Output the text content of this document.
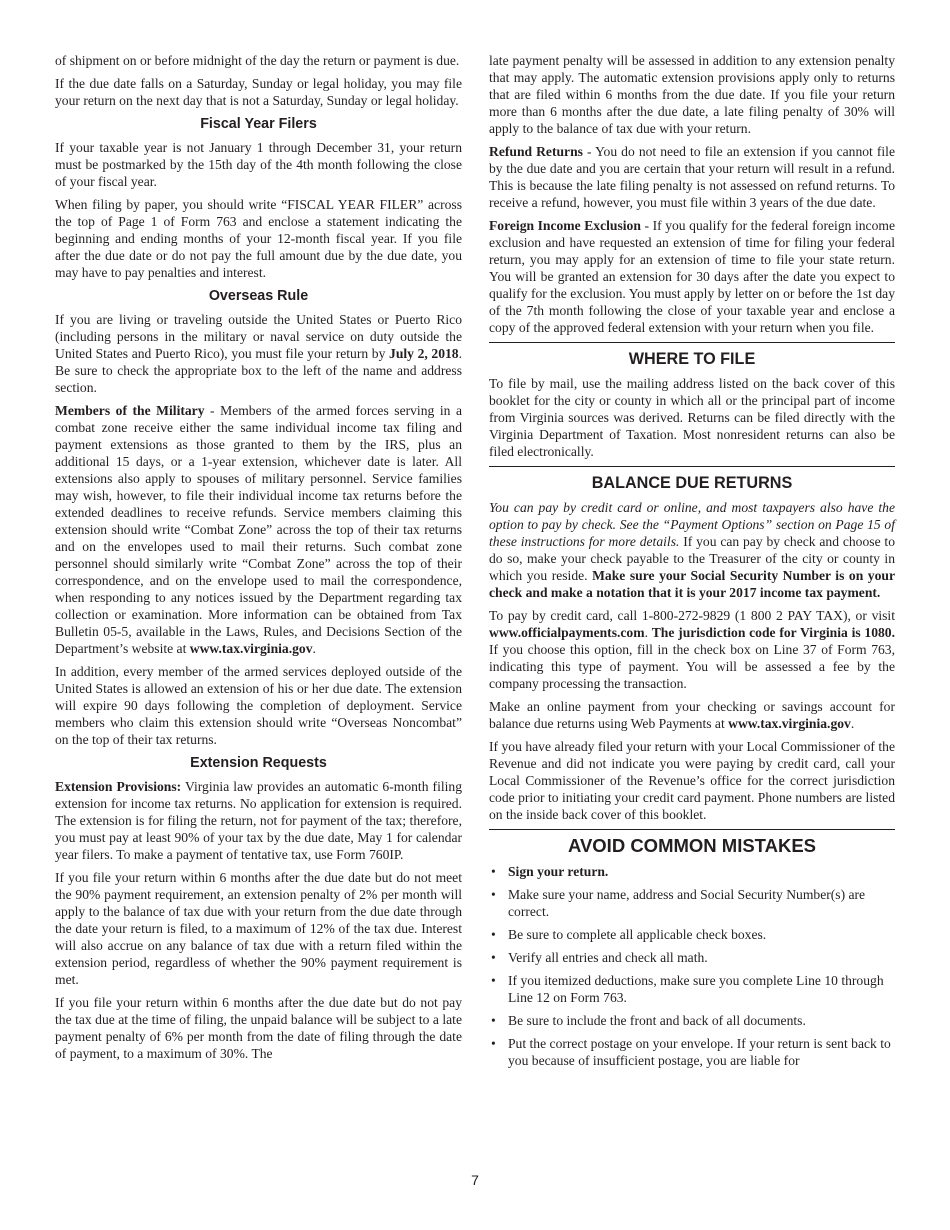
of shipment on or before midnight of the day the return or payment is due.

If the due date falls on a Saturday, Sunday or legal holiday, you may file your return on the next day that is not a Saturday, Sunday or legal holiday.

Fiscal Year Filers

If your taxable year is not January 1 through December 31, your return must be postmarked by the 15th day of the 4th month following the close of your fiscal year.

When filing by paper, you should write “FISCAL YEAR FILER” across the top of Page 1 of Form 763 and enclose a statement indicating the beginning and ending months of your 12-month fiscal year. If you file after the due date or do not pay the full amount due by the due date, you may have to pay penalties and interest.

Overseas Rule

If you are living or traveling outside the United States or Puerto Rico (including persons in the military or naval service on duty outside the United States and Puerto Rico), you must file your return by July 2, 2018. Be sure to check the appropriate box to the left of the name and address section.

Members of the Military - Members of the armed forces serving in a combat zone receive either the same individual income tax filing and payment extensions as those granted to them by the IRS, plus an additional 15 days, or a 1-year extension, whichever date is later. All extensions also apply to spouses of military personnel. Service families may wish, however, to file their individual income tax returns before the extended deadlines to receive refunds. Service members claiming this extension should write “Combat Zone” across the top of their tax returns and on the envelopes used to mail their returns. Such combat zone personnel should similarly write “Combat Zone” across the top of their correspondence, and on the envelope used to mail the correspondence, when responding to any notices issued by the Department regarding tax collection or examination. More information can be obtained from Tax Bulletin 05-5, available in the Laws, Rules, and Decisions Section of the Department’s website at www.tax.virginia.gov.

In addition, every member of the armed services deployed outside of the United States is allowed an extension of his or her due date. The extension will expire 90 days following the completion of deployment. Service members who claim this extension should write “Overseas Noncombat” on the top of their tax returns.

Extension Requests

Extension Provisions: Virginia law provides an automatic 6-month filing extension for income tax returns. No application for extension is required. The extension is for filing the return, not for payment of the tax; therefore, you must pay at least 90% of your tax by the due date, May 1 for calendar year filers. To make a payment of tentative tax, use Form 760IP.

If you file your return within 6 months after the due date but do not meet the 90% payment requirement, an extension penalty of 2% per month will apply to the balance of tax due with your return from the due date through the date your return is filed, to a maximum of 12% of the tax due. Interest will also accrue on any balance of tax due with a return filed within the extension period, regardless of whether the 90% payment requirement is met.

If you file your return within 6 months after the due date but do not pay the tax due at the time of filing, the unpaid balance will be subject to a late payment penalty of 6% per month from the date of filing through the date of payment, to a maximum of 30%. The

late payment penalty will be assessed in addition to any extension penalty that may apply. The automatic extension provisions apply only to returns that are filed within 6 months from the due date. If you file your return more than 6 months after the due date, a late filing penalty of 30% will apply to the balance of tax due with your return.

Refund Returns - You do not need to file an extension if you cannot file by the due date and you are certain that your return will result in a refund. This is because the late filing penalty is not assessed on refund returns. To receive a refund, however, you must file within 3 years of the due date.

Foreign Income Exclusion - If you qualify for the federal foreign income exclusion and have requested an extension of time for filing your federal return, you may apply for an extension of time to file your state return. You will be granted an extension for 30 days after the date you expect to qualify for the exclusion. You must apply by letter on or before the 1st day of the 7th month following the close of your taxable year and enclose a copy of the approved federal extension with your return when you file.

WHERE TO FILE

To file by mail, use the mailing address listed on the back cover of this booklet for the city or county in which all or the principal part of income from Virginia sources was derived. Returns can be filed directly with the Virginia Department of Taxation. Most nonresident returns can also be filed electronically.

BALANCE DUE RETURNS

You can pay by credit card or online, and most taxpayers also have the option to pay by check. See the “Payment Options” section on Page 15 of these instructions for more details. If you can pay by check and choose to do so, make your check payable to the Treasurer of the city or county in which you reside. Make sure your Social Security Number is on your check and make a notation that it is your 2017 income tax payment.

To pay by credit card, call 1-800-272-9829 (1 800 2 PAY TAX), or visit www.officialpayments.com. The jurisdiction code for Virginia is 1080. If you choose this option, fill in the check box on Line 37 of Form 763, indicating this type of payment. You will be assessed a fee by the company processing the transaction.

Make an online payment from your checking or savings account for balance due returns using Web Payments at www.tax.virginia.gov.

If you have already filed your return with your Local Commissioner of the Revenue and did not indicate you were paying by credit card, call your Local Commissioner of the Revenue’s office for the correct jurisdiction code prior to initiating your credit card payment. Phone numbers are listed on the inside back cover of this booklet.

AVOID COMMON MISTAKES
• Sign your return.
• Make sure your name, address and Social Security Number(s) are correct.
• Be sure to complete all applicable check boxes.
• Verify all entries and check all math.
• If you itemized deductions, make sure you complete Line 10 through Line 12 on Form 763.
• Be sure to include the front and back of all documents.
• Put the correct postage on your envelope. If your return is sent back to you because of insufficient postage, you are liable for
7
